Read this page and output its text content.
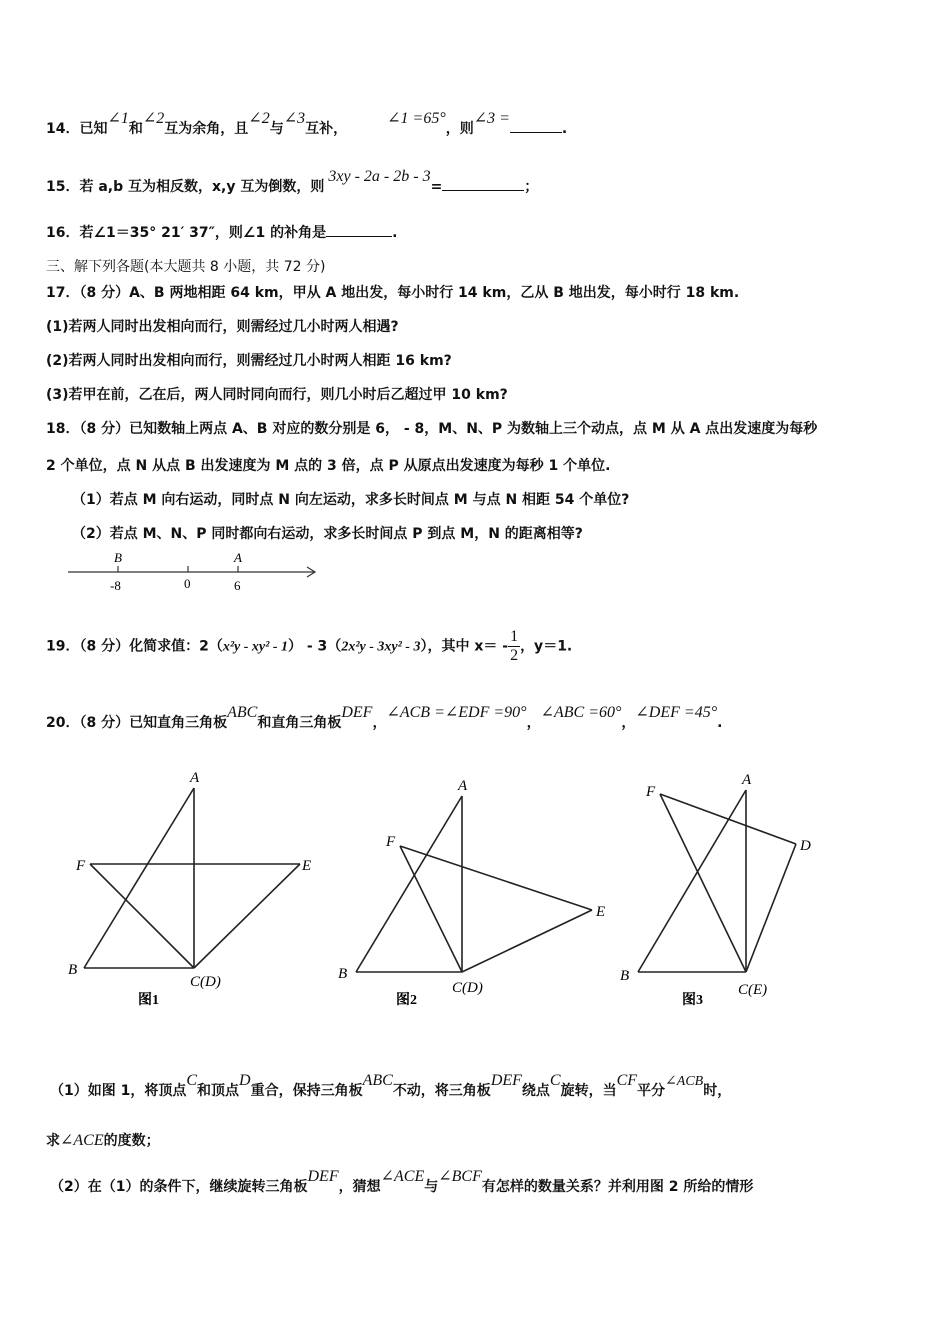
14．已知∠1和∠2互为余角，且∠2与∠3互补，∠1 =65°，则∠3 =.
15．若 a,b 互为相反数，x,y 互为倒数，则3xy - 2a - 2b - 3=	；
16．若∠1＝35° 21′ 37″，则∠1 的补角是	.
三、解下列各题(本大题共 8 小题，共 72 分)
17．（8 分）A、B 两地相距 64 km，甲从 A 地出发，每小时行 14 km，乙从 B 地出发，每小时行 18 km.
(1)若两人同时出发相向而行，则需经过几小时两人相遇?
(2)若两人同时出发相向而行，则需经过几小时两人相距 16 km?
(3)若甲在前，乙在后，两人同时同向而行，则几小时后乙超过甲 10 km?
18．（8 分）已知数轴上两点 A、B 对应的数分别是 6， - 8，M、N、P 为数轴上三个动点，点 M 从 A 点出发速度为每秒
2 个单位，点 N 从点 B 出发速度为 M 点的 3 倍，点 P 从原点出发速度为每秒 1 个单位.
（1）若点 M 向右运动，同时点 N 向左运动，求多长时间点 M 与点 N 相距 54 个单位?
（2）若点 M、N、P 同时都向右运动，求多长时间点 P 到点 M，N 的距离相等?
B	A
-8	0	6
19．（8 分）化简求值：2（x²y - xy² - 1） - 3（2x²y - 3xy² - 3），其中 $x= - \frac{1}{2}$ ，y＝1.
20．（8 分）已知直角三角板ABC和直角三角板DEF，∠ACB =∠EDF =90°，∠ABC =60°，∠DEF =45°.
A
F	E
B
C(D)
图1
A
F
E
B
C(D)
图2
A
F
D
B
C(E)
图3
（1）如图 1，将顶点C和顶点D重合，保持三角板ABC不动，将三角板DEF绕点C旋转，当CF平分∠ACB时，
求∠ACE的度数；
（2）在（1）的条件下，继续旋转三角板DEF，猜想∠ACE与∠BCF有怎样的数量关系？并利用图 2 所给的情形
